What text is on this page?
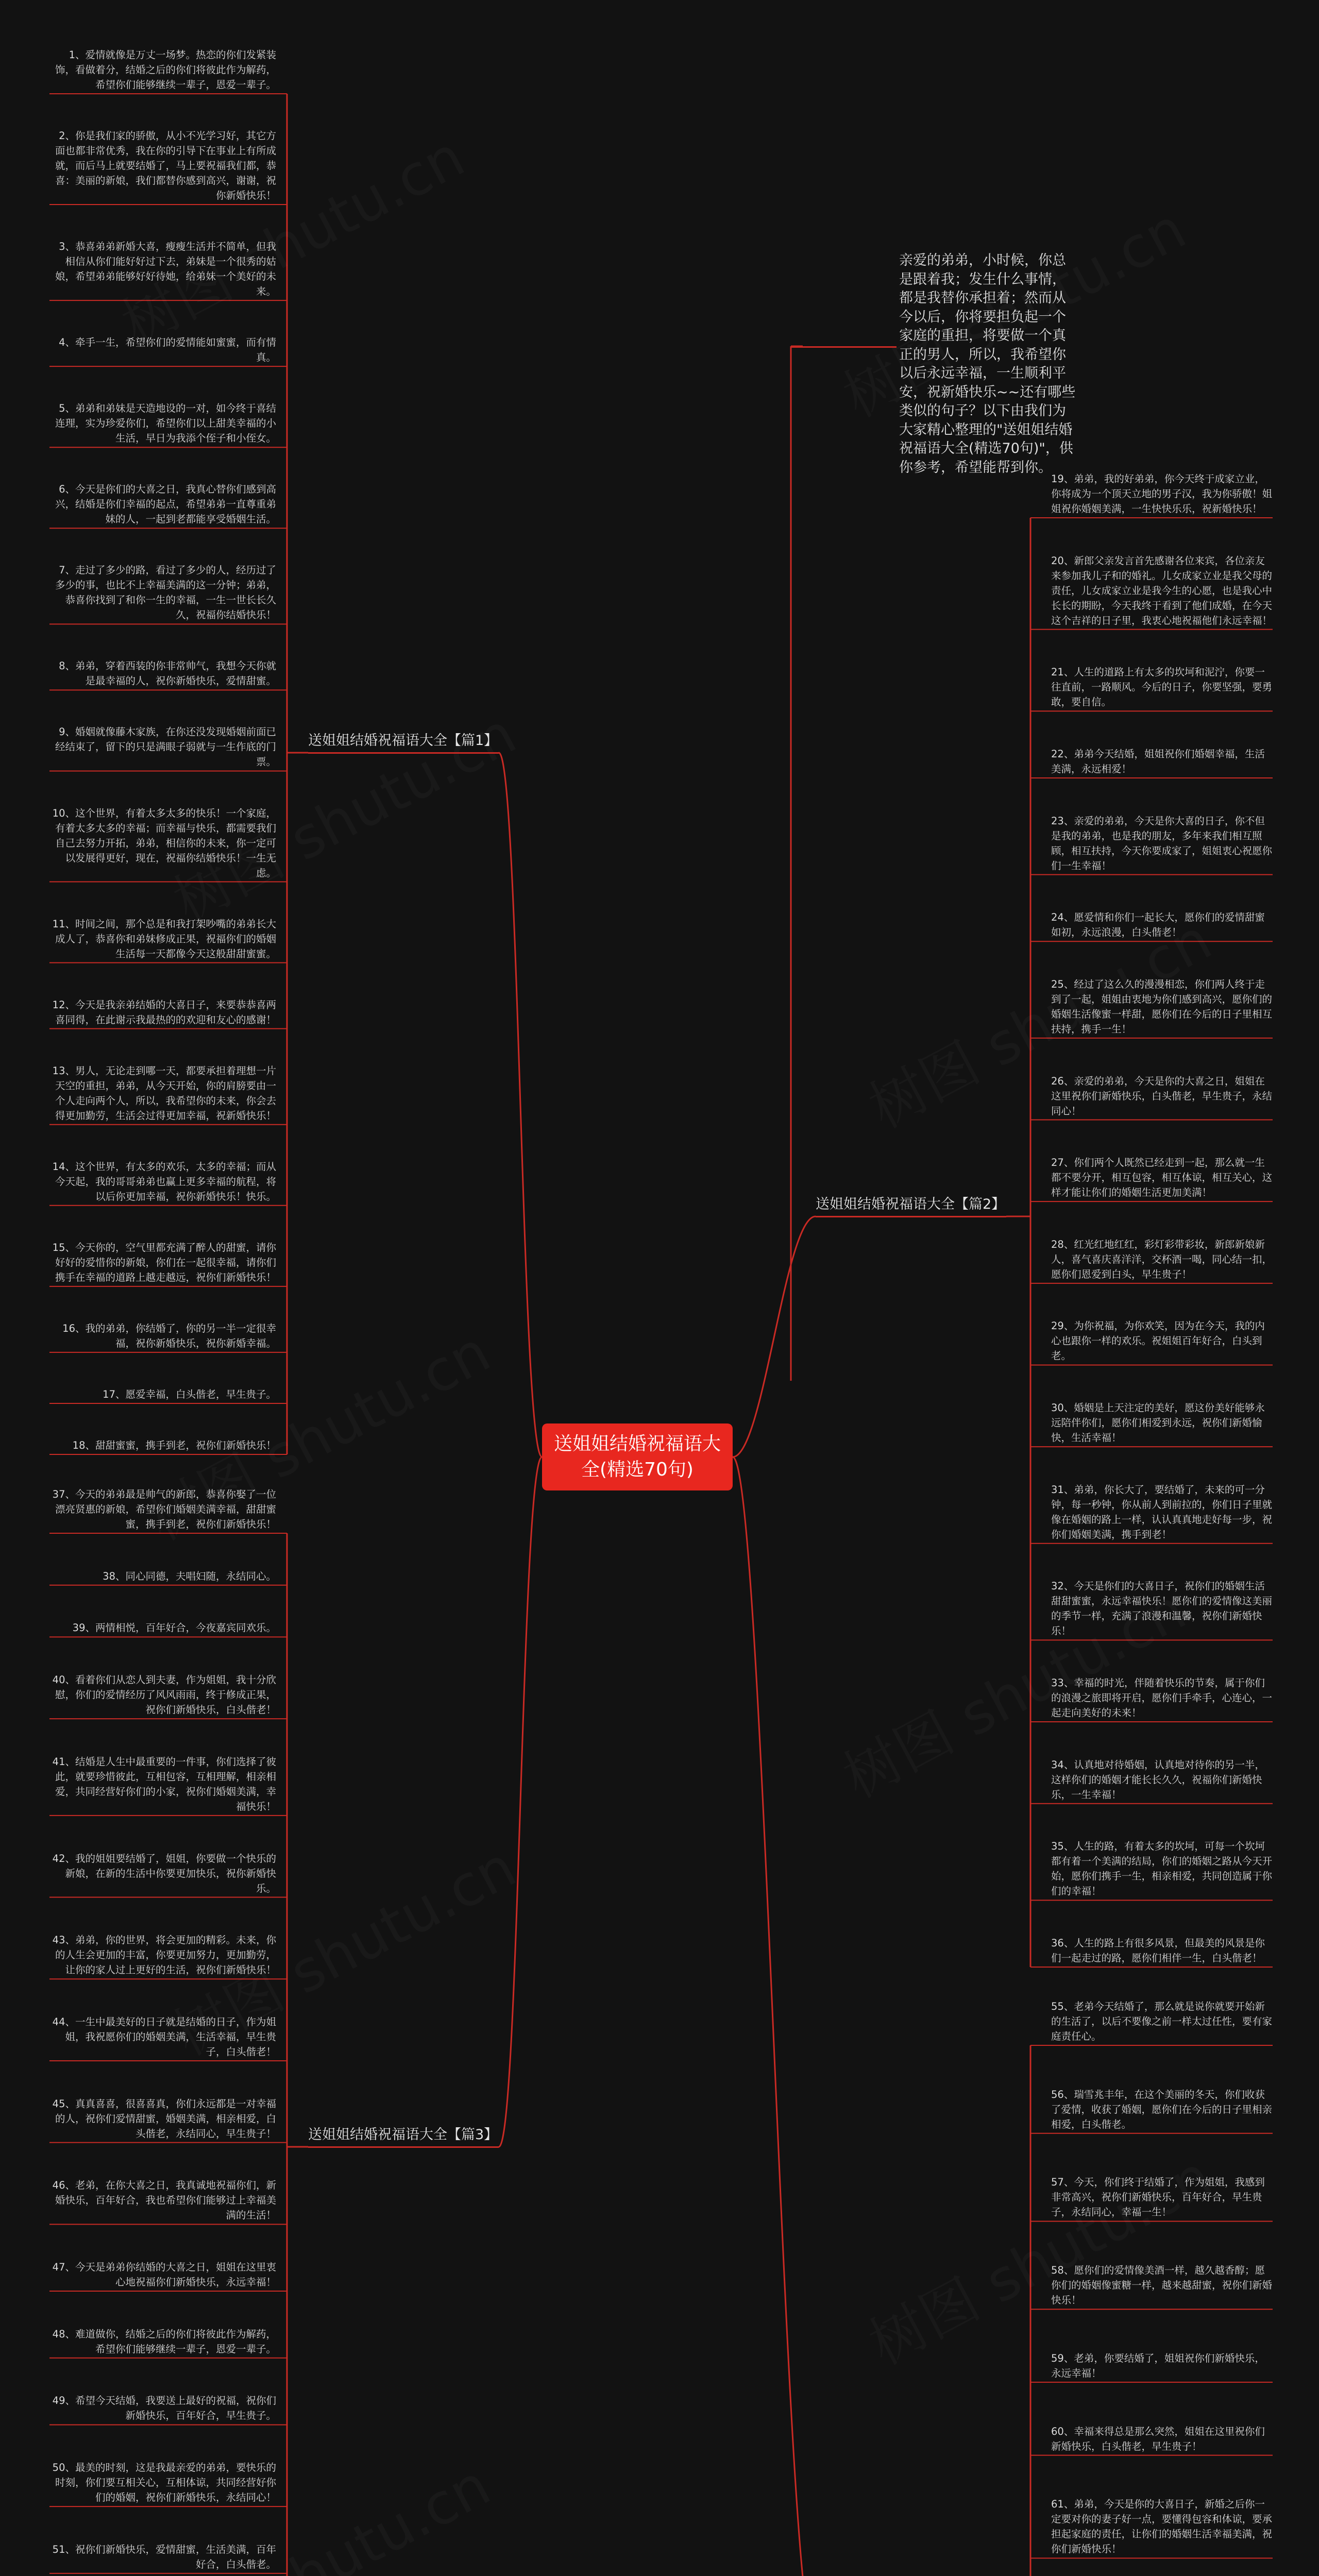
送姐姐结婚祝福语大全(精选70句)
亲爱的弟弟，小时候，你总是跟着我；发生什么事情，都是我替你承担着；然而从今以后，你将要担负起一个家庭的重担，将要做一个真正的男人，所以，我希望你以后永远幸福，一生顺利平安，祝新婚快乐~~还有哪些类似的句子？以下由我们为大家精心整理的"送姐姐结婚祝福语大全(精选70句)"，供你参考，希望能帮到你。
送姐姐结婚祝福语大全【篇1】
1、爱情就像是万丈一场梦。热恋的你们发紧装饰，看做着分，结婚之后的你们将彼此作为解药，希望你们能够继续一辈子，恩爱一辈子。
2、你是我们家的骄傲，从小不光学习好，其它方面也都非常优秀，我在你的引导下在事业上有所成就，而后马上就要结婚了，马上要祝福我们都，恭喜：美丽的新娘，我们都替你感到高兴，谢谢，祝你新婚快乐！
3、恭喜弟弟新婚大喜，瘦瘦生活并不简单，但我相信从你们能好好过下去，弟妹是一个很秀的姑娘，希望弟弟能够好好待她，给弟妹一个美好的未来。
4、牵手一生，希望你们的爱情能如蜜蜜，而有情真。
5、弟弟和弟妹是天造地设的一对，如今终于喜结连理，实为珍爱你们，希望你们以上甜美幸福的小生活，早日为我添个侄子和小侄女。
6、今天是你们的大喜之日，我真心替你们感到高兴，结婚是你们幸福的起点，希望弟弟一直尊重弟妹的人，一起到老都能享受婚姻生活。
7、走过了多少的路，看过了多少的人，经历过了多少的事，也比不上幸福美满的这一分钟；弟弟，恭喜你找到了和你一生的幸福，一生一世长长久久，祝福你结婚快乐！
8、弟弟，穿着西装的你非常帅气，我想今天你就是最幸福的人，祝你新婚快乐，爱情甜蜜。
9、婚姻就像藤木家族，在你还没发现婚姻前面已经结束了，留下的只是满眼子弱就与一生作底的门票。
10、这个世界，有着太多太多的快乐！一个家庭，有着太多太多的幸福；而幸福与快乐，都需要我们自己去努力开拓，弟弟，相信你的未来，你一定可以发展得更好，现在，祝福你结婚快乐！一生无虑。
11、时间之间，那个总是和我打架吵嘴的弟弟长大成人了，恭喜你和弟妹修成正果，祝福你们的婚姻生活每一天都像今天这般甜甜蜜蜜。
12、今天是我亲弟结婚的大喜日子，来要恭恭喜两喜同得，在此谢示我最热的的欢迎和友心的感谢！
13、男人，无论走到哪一天，都要承担着理想一片天空的重担，弟弟，从今天开始，你的肩膀要由一个人走向两个人，所以，我希望你的未来，你会去得更加勤劳，生活会过得更加幸福，祝新婚快乐！
14、这个世界，有太多的欢乐，太多的幸福；而从今天起，我的哥哥弟弟也赢上更多幸福的航程，将以后你更加幸福，祝你新婚快乐！快乐。
15、今天你的，空气里都充满了醉人的甜蜜，请你好好的爱惜你的新娘，你们在一起很幸福，请你们携手在幸福的道路上越走越远，祝你们新婚快乐！
16、我的弟弟，你结婚了，你的另一半一定很幸福，祝你新婚快乐，祝你新婚幸福。
17、愿爱幸福，白头偕老，早生贵子。
18、甜甜蜜蜜，携手到老，祝你们新婚快乐！
送姐姐结婚祝福语大全【篇2】
19、弟弟，我的好弟弟，你今天终于成家立业，你将成为一个顶天立地的男子汉，我为你骄傲！姐姐祝你婚姻美满，一生快快乐乐，祝新婚快乐！
20、新郎父亲发言首先感谢各位来宾，各位亲友来参加我儿子和的婚礼。儿女成家立业是我父母的责任，儿女成家立业是我今生的心愿，也是我心中长长的期盼，今天我终于看到了他们成婚，在今天这个吉祥的日子里，我衷心地祝福他们永远幸福！
21、人生的道路上有太多的坎坷和泥泞，你要一往直前，一路顺风。今后的日子，你要坚强，要勇敢，要自信。
22、弟弟今天结婚，姐姐祝你们婚姻幸福，生活美满，永远相爱！
23、亲爱的弟弟，今天是你大喜的日子，你不但是我的弟弟，也是我的朋友，多年来我们相互照顾，相互扶持，今天你要成家了，姐姐衷心祝愿你们一生幸福！
24、愿爱情和你们一起长大，愿你们的爱情甜蜜如初，永远浪漫，白头偕老！
25、经过了这么久的漫漫相恋，你们两人终于走到了一起，姐姐由衷地为你们感到高兴，愿你们的婚姻生活像蜜一样甜，愿你们在今后的日子里相互扶持，携手一生！
26、亲爱的弟弟，今天是你的大喜之日，姐姐在这里祝你们新婚快乐，白头偕老，早生贵子，永结同心！
27、你们两个人既然已经走到一起，那么就一生都不要分开，相互包容，相互体谅，相互关心，这样才能让你们的婚姻生活更加美满！
28、红光红地红红，彩灯彩带彩妆，新郎新娘新人，喜气喜庆喜洋洋，交杯酒一喝，同心结一扣，愿你们恩爱到白头，早生贵子！
29、为你祝福，为你欢笑，因为在今天，我的内心也跟你一样的欢乐。祝姐姐百年好合，白头到老。
30、婚姻是上天注定的美好，愿这份美好能够永远陪伴你们，愿你们相爱到永远，祝你们新婚愉快，生活幸福！
31、弟弟，你长大了，要结婚了，未来的可一分钟，每一秒钟，你从前人到前拉的，你们日子里就像在婚姻的路上一样，认认真真地走好每一步，祝你们婚姻美满，携手到老！
32、今天是你们的大喜日子，祝你们的婚姻生活甜甜蜜蜜，永远幸福快乐！愿你们的爱情像这美丽的季节一样，充满了浪漫和温馨，祝你们新婚快乐！
33、幸福的时光，伴随着快乐的节奏，属于你们的浪漫之旅即将开启，愿你们手牵手，心连心，一起走向美好的未来！
34、认真地对待婚姻，认真地对待你的另一半，这样你们的婚姻才能长长久久，祝福你们新婚快乐，一生幸福！
35、人生的路，有着太多的坎坷，可每一个坎坷都有着一个美满的结局，你们的婚姻之路从今天开始，愿你们携手一生，相亲相爱，共同创造属于你们的幸福！
36、人生的路上有很多风景，但最美的风景是你们一起走过的路，愿你们相伴一生，白头偕老！
送姐姐结婚祝福语大全【篇3】
37、今天的弟弟最是帅气的新郎，恭喜你娶了一位漂亮贤惠的新娘，希望你们婚姻美满幸福，甜甜蜜蜜，携手到老，祝你们新婚快乐！
38、同心同德，夫唱妇随，永结同心。
39、两情相悦，百年好合，今夜嘉宾同欢乐。
40、看着你们从恋人到夫妻，作为姐姐，我十分欣慰，你们的爱情经历了风风雨雨，终于修成正果，祝你们新婚快乐，白头偕老！
41、结婚是人生中最重要的一件事，你们选择了彼此，就要珍惜彼此，互相包容，互相理解，相亲相爱，共同经营好你们的小家，祝你们婚姻美满，幸福快乐！
42、我的姐姐要结婚了，姐姐，你要做一个快乐的新娘，在新的生活中你要更加快乐，祝你新婚快乐。
43、弟弟，你的世界，将会更加的精彩。未来，你的人生会更加的丰富，你要更加努力，更加勤劳，让你的家人过上更好的生活，祝你们新婚快乐！
44、一生中最美好的日子就是结婚的日子，作为姐姐，我祝愿你们的婚姻美满，生活幸福，早生贵子，白头偕老！
45、真真喜喜，很喜喜真，你们永远都是一对幸福的人，祝你们爱情甜蜜，婚姻美满，相亲相爱，白头偕老，永结同心，早生贵子！
46、老弟，在你大喜之日，我真诚地祝福你们，新婚快乐，百年好合，我也希望你们能够过上幸福美满的生活！
47、今天是弟弟你结婚的大喜之日，姐姐在这里衷心地祝福你们新婚快乐，永远幸福！
48、难道做你，结婚之后的你们将彼此作为解药，希望你们能够继续一辈子，恩爱一辈子。
49、希望今天结婚，我要送上最好的祝福，祝你们新婚快乐，百年好合，早生贵子。
50、最美的时刻，这是我最亲爱的弟弟，要快乐的时刻，你们要互相关心，互相体谅，共同经营好你们的婚姻，祝你们新婚快乐，永结同心！
51、祝你们新婚快乐，爱情甜蜜，生活美满，百年好合，白头偕老。
55、老弟今天结婚了，那么就是说你就要开始新的生活了，以后不要像之前一样太过任性，要有家庭责任心。
56、瑞雪兆丰年，在这个美丽的冬天，你们收获了爱情，收获了婚姻，愿你们在今后的日子里相亲相爱，白头偕老。
57、今天，你们终于结婚了，作为姐姐，我感到非常高兴，祝你们新婚快乐，百年好合，早生贵子，永结同心，幸福一生！
58、愿你们的爱情像美酒一样，越久越香醇；愿你们的婚姻像蜜糖一样，越来越甜蜜，祝你们新婚快乐！
59、老弟，你要结婚了，姐姐祝你们新婚快乐，永远幸福！
60、幸福来得总是那么突然，姐姐在这里祝你们新婚快乐，白头偕老，早生贵子！
61、弟弟，今天是你的大喜日子，新婚之后你一定要对你的妻子好一点，要懂得包容和体谅，要承担起家庭的责任，让你们的婚姻生活幸福美满，祝你们新婚快乐！
